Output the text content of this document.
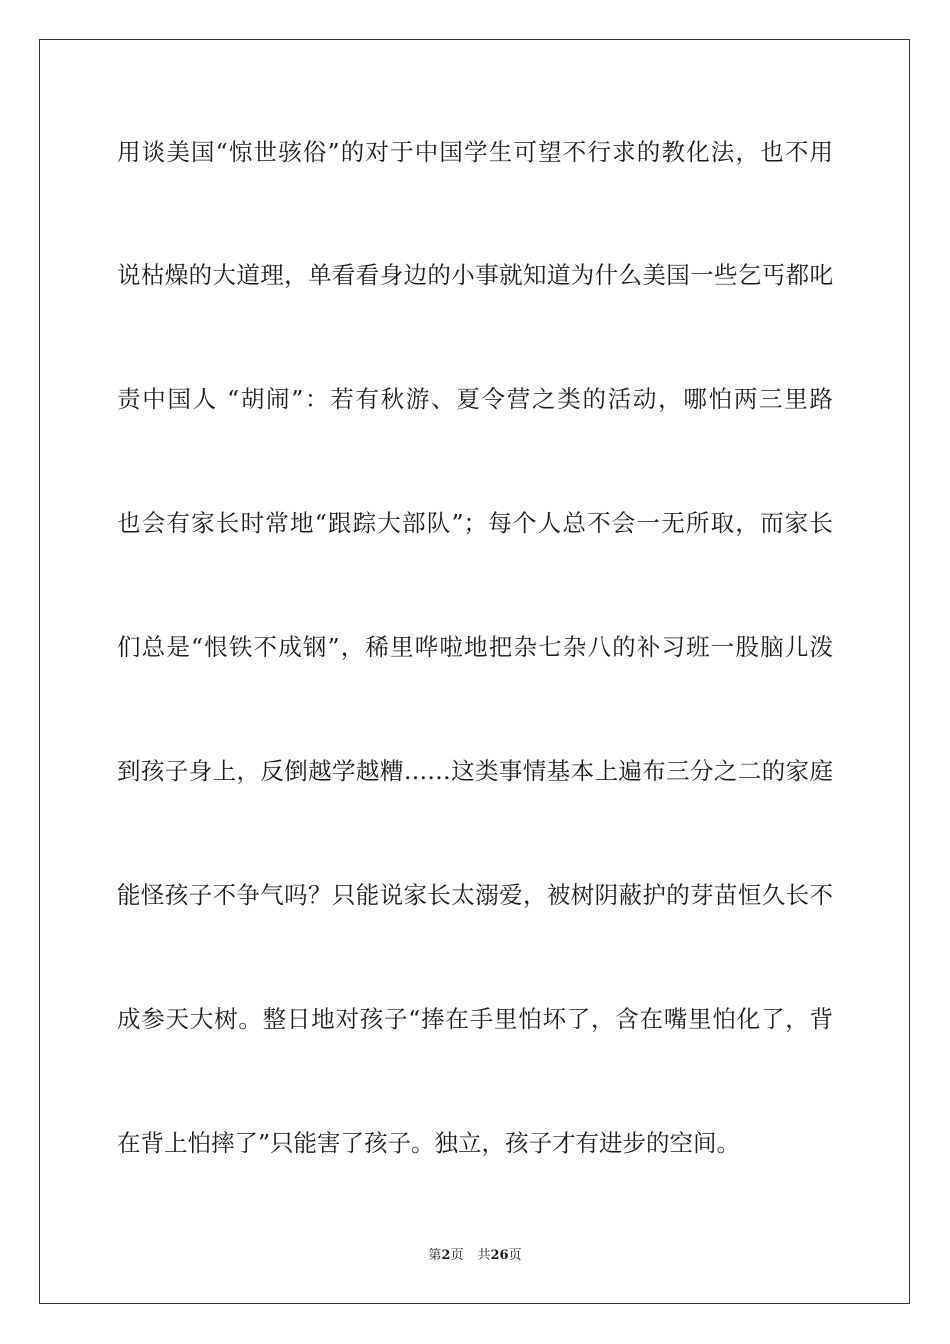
用谈美国“惊世骇俗”的对于中国学生可望不行求的教化法，也不用
说枯燥的大道理，单看看身边的小事就知道为什么美国一些乞丐都叱
责中国人 “胡闹”：若有秋游、夏令营之类的活动，哪怕两三里路
也会有家长时常地“跟踪大部队”；每个人总不会一无所取，而家长
们总是“恨铁不成钢”，稀里哗啦地把杂七杂八的补习班一股脑儿泼
到孩子身上，反倒越学越糟……这类事情基本上遍布三分之二的家庭
能怪孩子不争气吗？只能说家长太溺爱，被树阴蔽护的芽苗恒久长不
成参天大树。整日地对孩子“捧在手里怕坏了，含在嘴里怕化了，背
在背上怕摔了”只能害了孩子。独立，孩子才有进步的空间。
第2页 共26页
